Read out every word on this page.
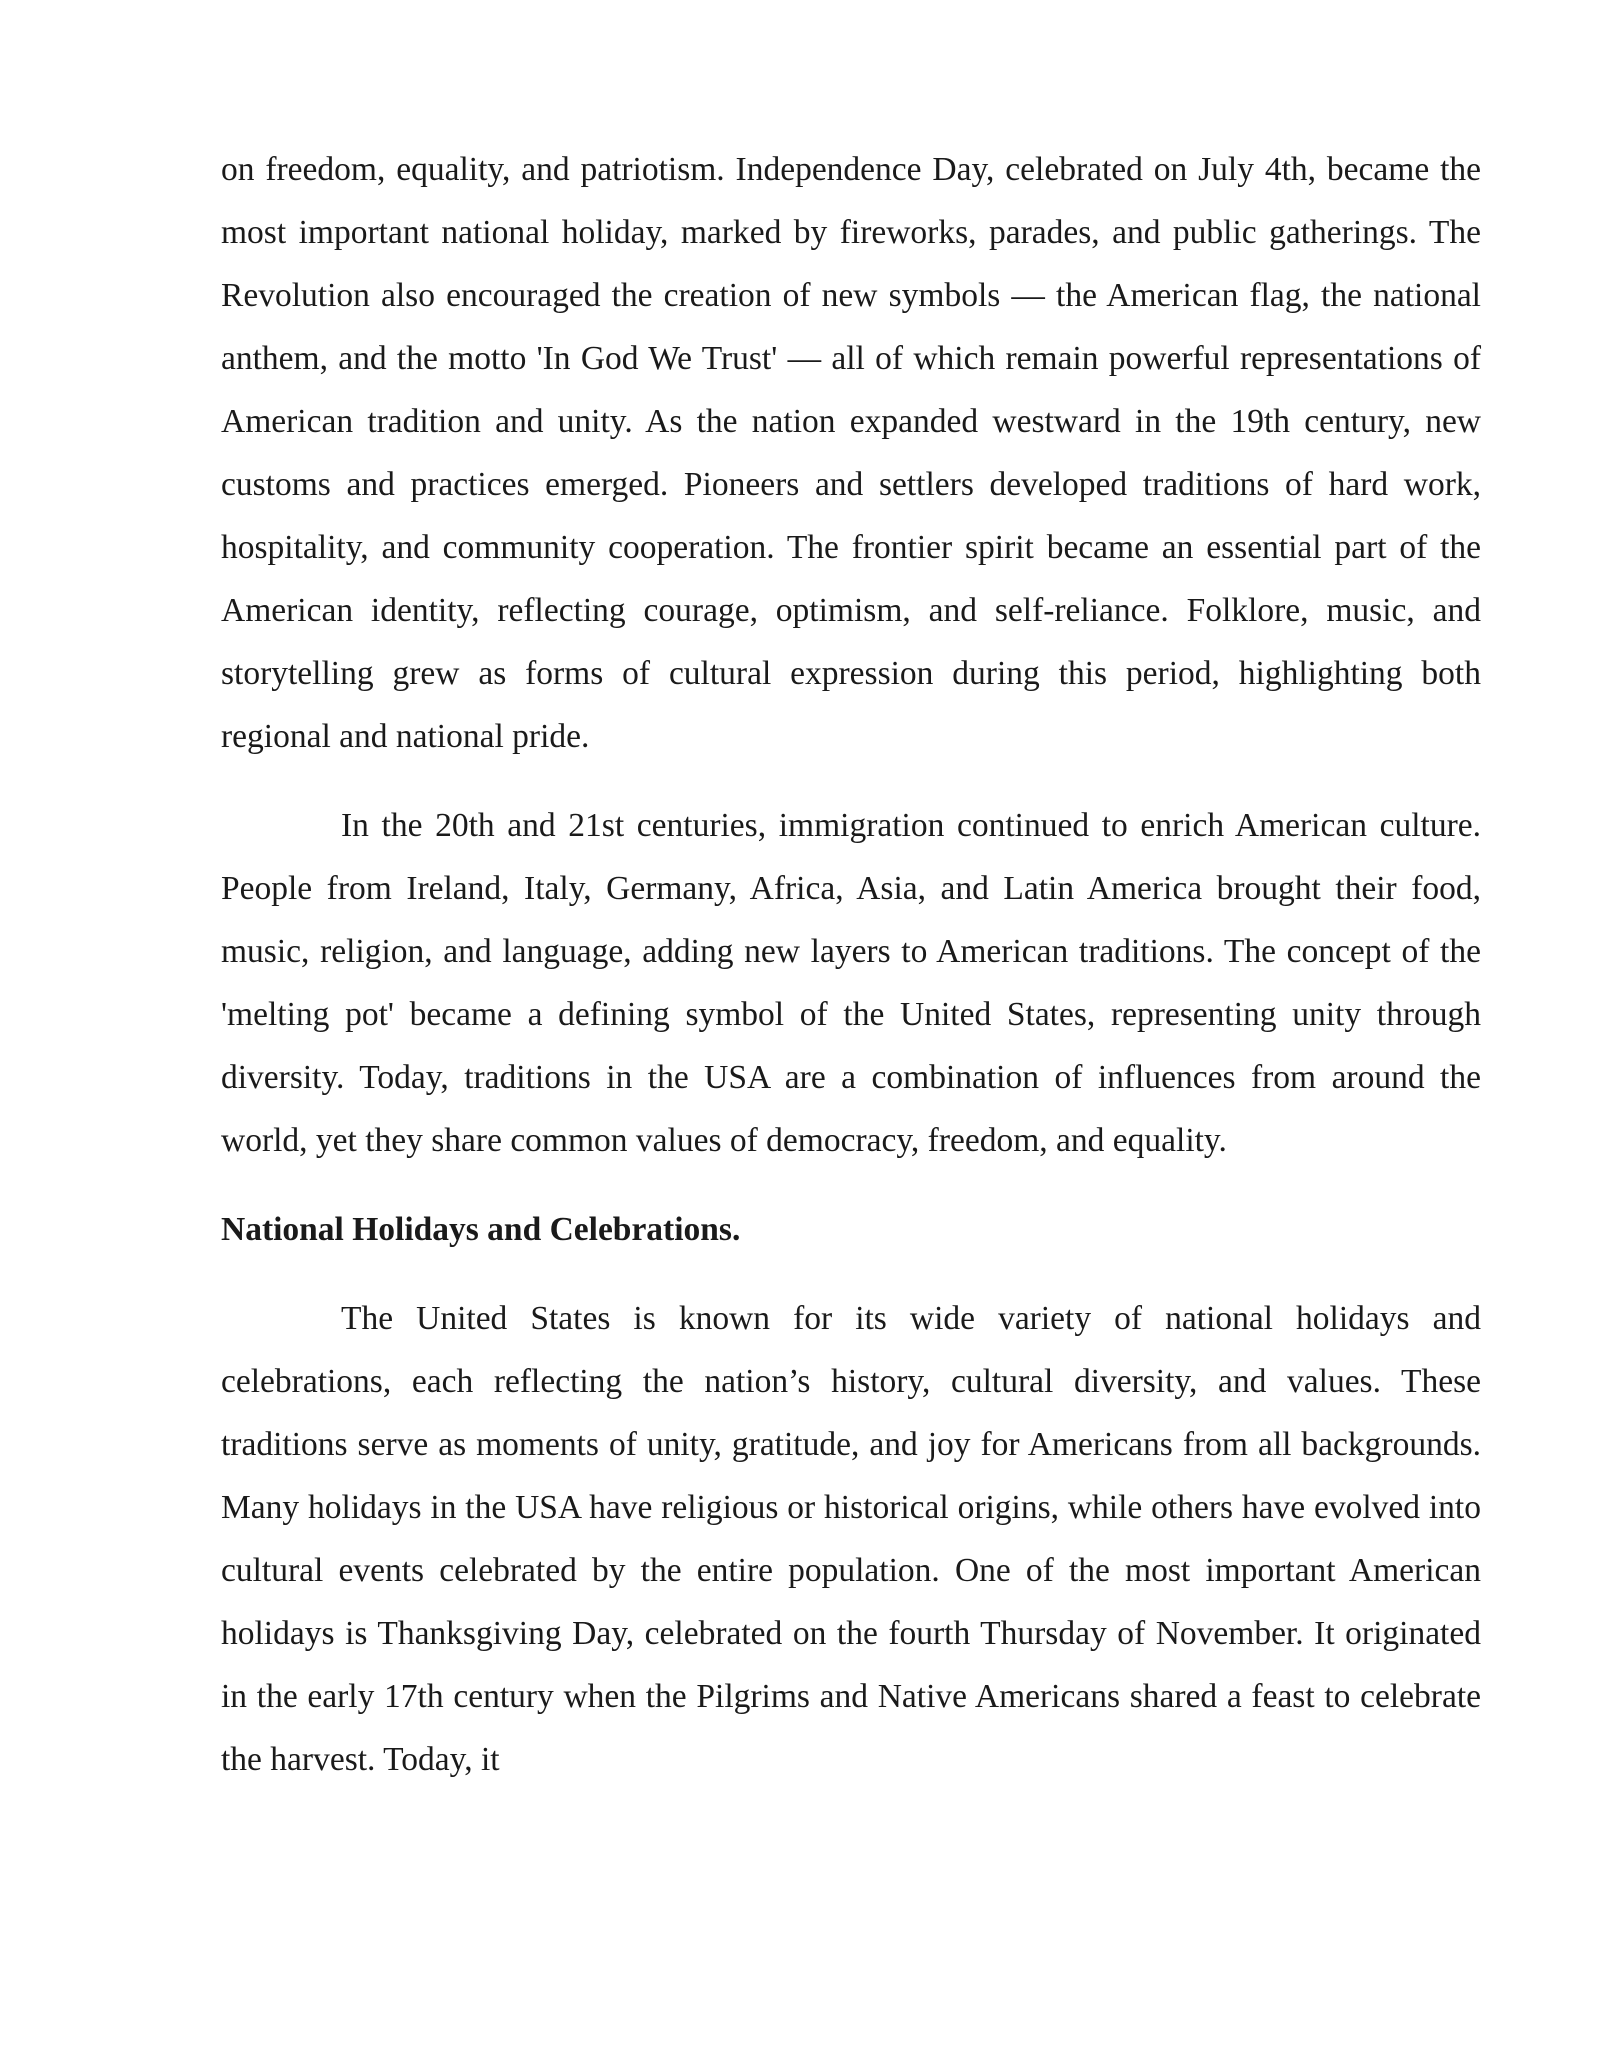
on freedom, equality, and patriotism. Independence Day, celebrated on July 4th, became the most important national holiday, marked by fireworks, parades, and public gatherings. The Revolution also encouraged the creation of new symbols — the American flag, the national anthem, and the motto 'In God We Trust' — all of which remain powerful representations of American tradition and unity. As the nation expanded westward in the 19th century, new customs and practices emerged. Pioneers and settlers developed traditions of hard work, hospitality, and community cooperation. The frontier spirit became an essential part of the American identity, reflecting courage, optimism, and self-reliance. Folklore, music, and storytelling grew as forms of cultural expression during this period, highlighting both regional and national pride.

In the 20th and 21st centuries, immigration continued to enrich American culture. People from Ireland, Italy, Germany, Africa, Asia, and Latin America brought their food, music, religion, and language, adding new layers to American traditions. The concept of the 'melting pot' became a defining symbol of the United States, representing unity through diversity. Today, traditions in the USA are a combination of influences from around the world, yet they share common values of democracy, freedom, and equality.

National Holidays and Celebrations.

The United States is known for its wide variety of national holidays and celebrations, each reflecting the nation’s history, cultural diversity, and values. These traditions serve as moments of unity, gratitude, and joy for Americans from all backgrounds. Many holidays in the USA have religious or historical origins, while others have evolved into cultural events celebrated by the entire population. One of the most important American holidays is Thanksgiving Day, celebrated on the fourth Thursday of November. It originated in the early 17th century when the Pilgrims and Native Americans shared a feast to celebrate the harvest. Today, it
